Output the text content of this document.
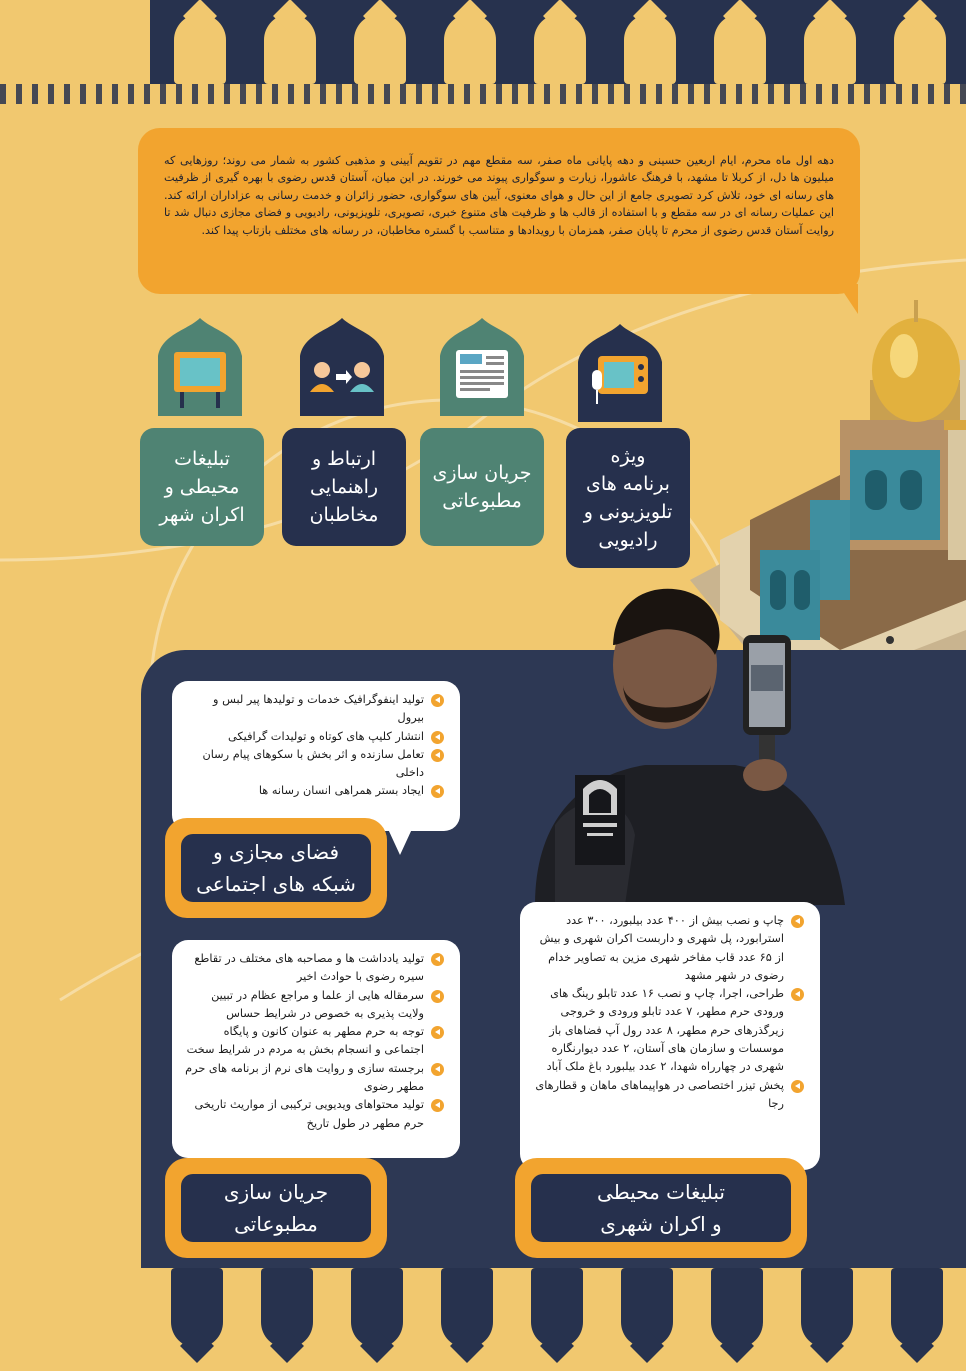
دهه اول ماه محرم، ایام اربعین حسینی و دهه پایانی ماه صفر، سه مقطع مهم در تقویم آیینی و مذهبی کشور به شمار می روند؛ روزهایی که میلیون ها دل، از کربلا تا مشهد، با فرهنگ عاشورا، زیارت و سوگواری پیوند می خورند. در این میان، آستان قدس رضوی با بهره گیری از ظرفیت های رسانه ای خود، تلاش کرد تصویری جامع از این حال و هوای معنوی، آیین های سوگواری، حضور زائران و خدمت رسانی به عزاداران ارائه کند. این عملیات رسانه ای در سه مقطع و با استفاده از قالب ها و ظرفیت های متنوع خبری، تصویری، تلویزیونی، رادیویی و فضای مجازی دنبال شد تا روایت آستان قدس رضوی از محرم تا پایان صفر، همزمان با رویدادها و متناسب با گستره مخاطبان، در رسانه های مختلف بازتاب پیدا کند.
ویژه
برنامه های
تلویزیونی و
رادیویی
جریان سازی
مطبوعاتی
ارتباط و
راهنمایی
مخاطبان
تبلیغات
محیطی و
اکران شهر
تولید اینفوگرافیک خدمات و تولیدها پیر لبس و بیرول
انتشار کلیپ های کوتاه و تولیدات گرافیکی
تعامل سازنده و اثر بخش با سکوهای پیام رسان داخلی
ایجاد بستر همراهی انسان رسانه ها
فضای مجازی و
شبکه های اجتماعی
تولید یادداشت ها و مصاحبه های مختلف در تقاطع سیره رضوی با حوادث اخیر
سرمقاله هایی از علما و مراجع عظام در تبیین ولایت پذیری به خصوص در شرایط حساس
توجه به حرم مطهر به عنوان کانون و پایگاه اجتماعی و انسجام بخش به مردم در شرایط سخت
برجسته سازی و روایت های نرم از برنامه های حرم مطهر رضوی
تولید محتواهای ویدیویی ترکیبی از مواریث تاریخی حرم مطهر در طول تاریخ
جریان سازی
مطبوعاتی
چاپ و نصب بیش از ۴۰۰ عدد بیلبورد، ۳۰۰ عدد استرابورد، پل شهری و داربست اکران شهری و بیش از ۶۵ عدد قاب مفاخر شهری مزین به تصاویر خدام رضوی در شهر مشهد
طراحی، اجرا، چاپ و نصب ۱۶ عدد تابلو رینگ های ورودی حرم مطهر، ۷ عدد تابلو ورودی و خروجی زیرگذرهای حرم مطهر، ۸ عدد رول آپ فضاهای باز موسسات و سازمان های آستان، ۲ عدد دیوارنگاره شهری در چهارراه شهدا، ۲ عدد بیلبورد باغ ملک آباد
پخش تیزر اختصاصی در هواپیماهای ماهان و قطارهای رجا
تبلیغات محیطی
و اکران شهری
